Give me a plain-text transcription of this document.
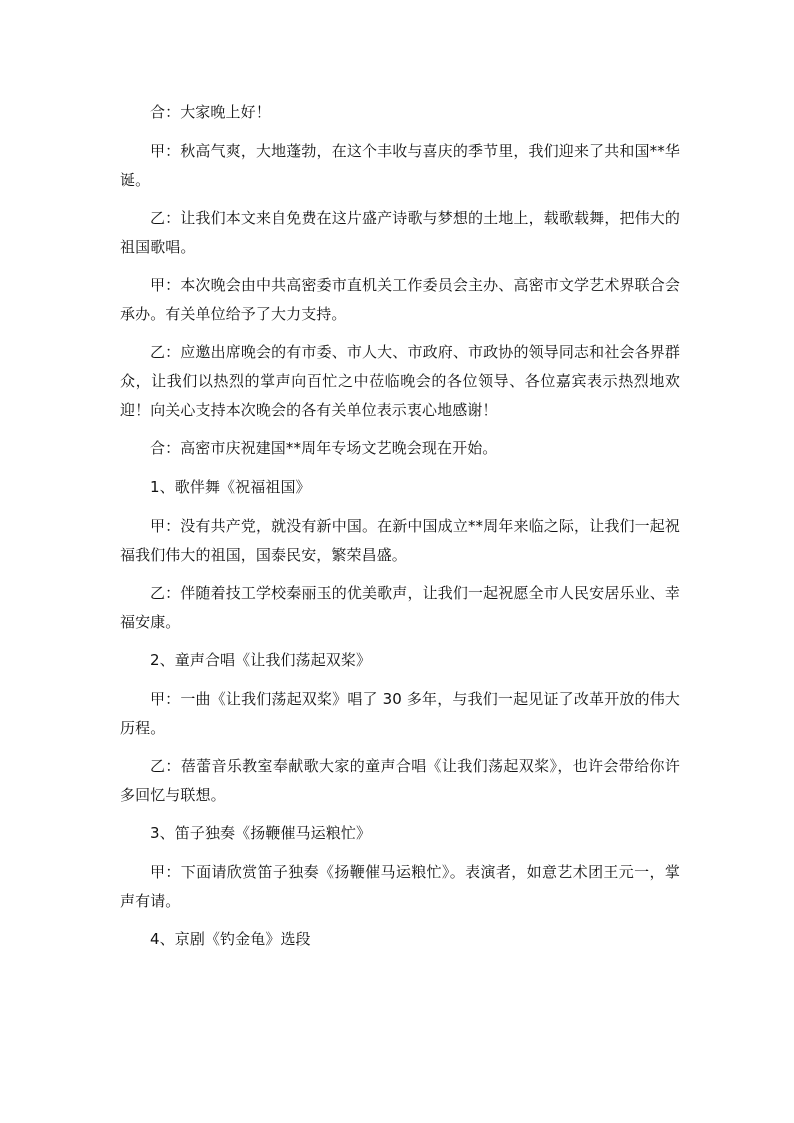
合：大家晚上好！

甲：秋高气爽，大地蓬勃，在这个丰收与喜庆的季节里，我们迎来了共和国**华诞。

乙：让我们本文来自免费在这片盛产诗歌与梦想的土地上，载歌载舞，把伟大的祖国歌唱。

甲：本次晚会由中共高密委市直机关工作委员会主办、高密市文学艺术界联合会承办。有关单位给予了大力支持。

乙：应邀出席晚会的有市委、市人大、市政府、市政协的领导同志和社会各界群众，让我们以热烈的掌声向百忙之中莅临晚会的各位领导、各位嘉宾表示热烈地欢迎！向关心支持本次晚会的各有关单位表示衷心地感谢！

合：高密市庆祝建国**周年专场文艺晚会现在开始。

1、歌伴舞《祝福祖国》

甲：没有共产党，就没有新中国。在新中国成立**周年来临之际，让我们一起祝福我们伟大的祖国，国泰民安，繁荣昌盛。

乙：伴随着技工学校秦丽玉的优美歌声，让我们一起祝愿全市人民安居乐业、幸福安康。

2、童声合唱《让我们荡起双桨》

甲：一曲《让我们荡起双桨》唱了 30 多年，与我们一起见证了改革开放的伟大历程。

乙：蓓蕾音乐教室奉献歌大家的童声合唱《让我们荡起双桨》，也许会带给你许多回忆与联想。

3、笛子独奏《扬鞭催马运粮忙》

甲：下面请欣赏笛子独奏《扬鞭催马运粮忙》。表演者，如意艺术团王元一，掌声有请。

4、京剧《钓金龟》选段
